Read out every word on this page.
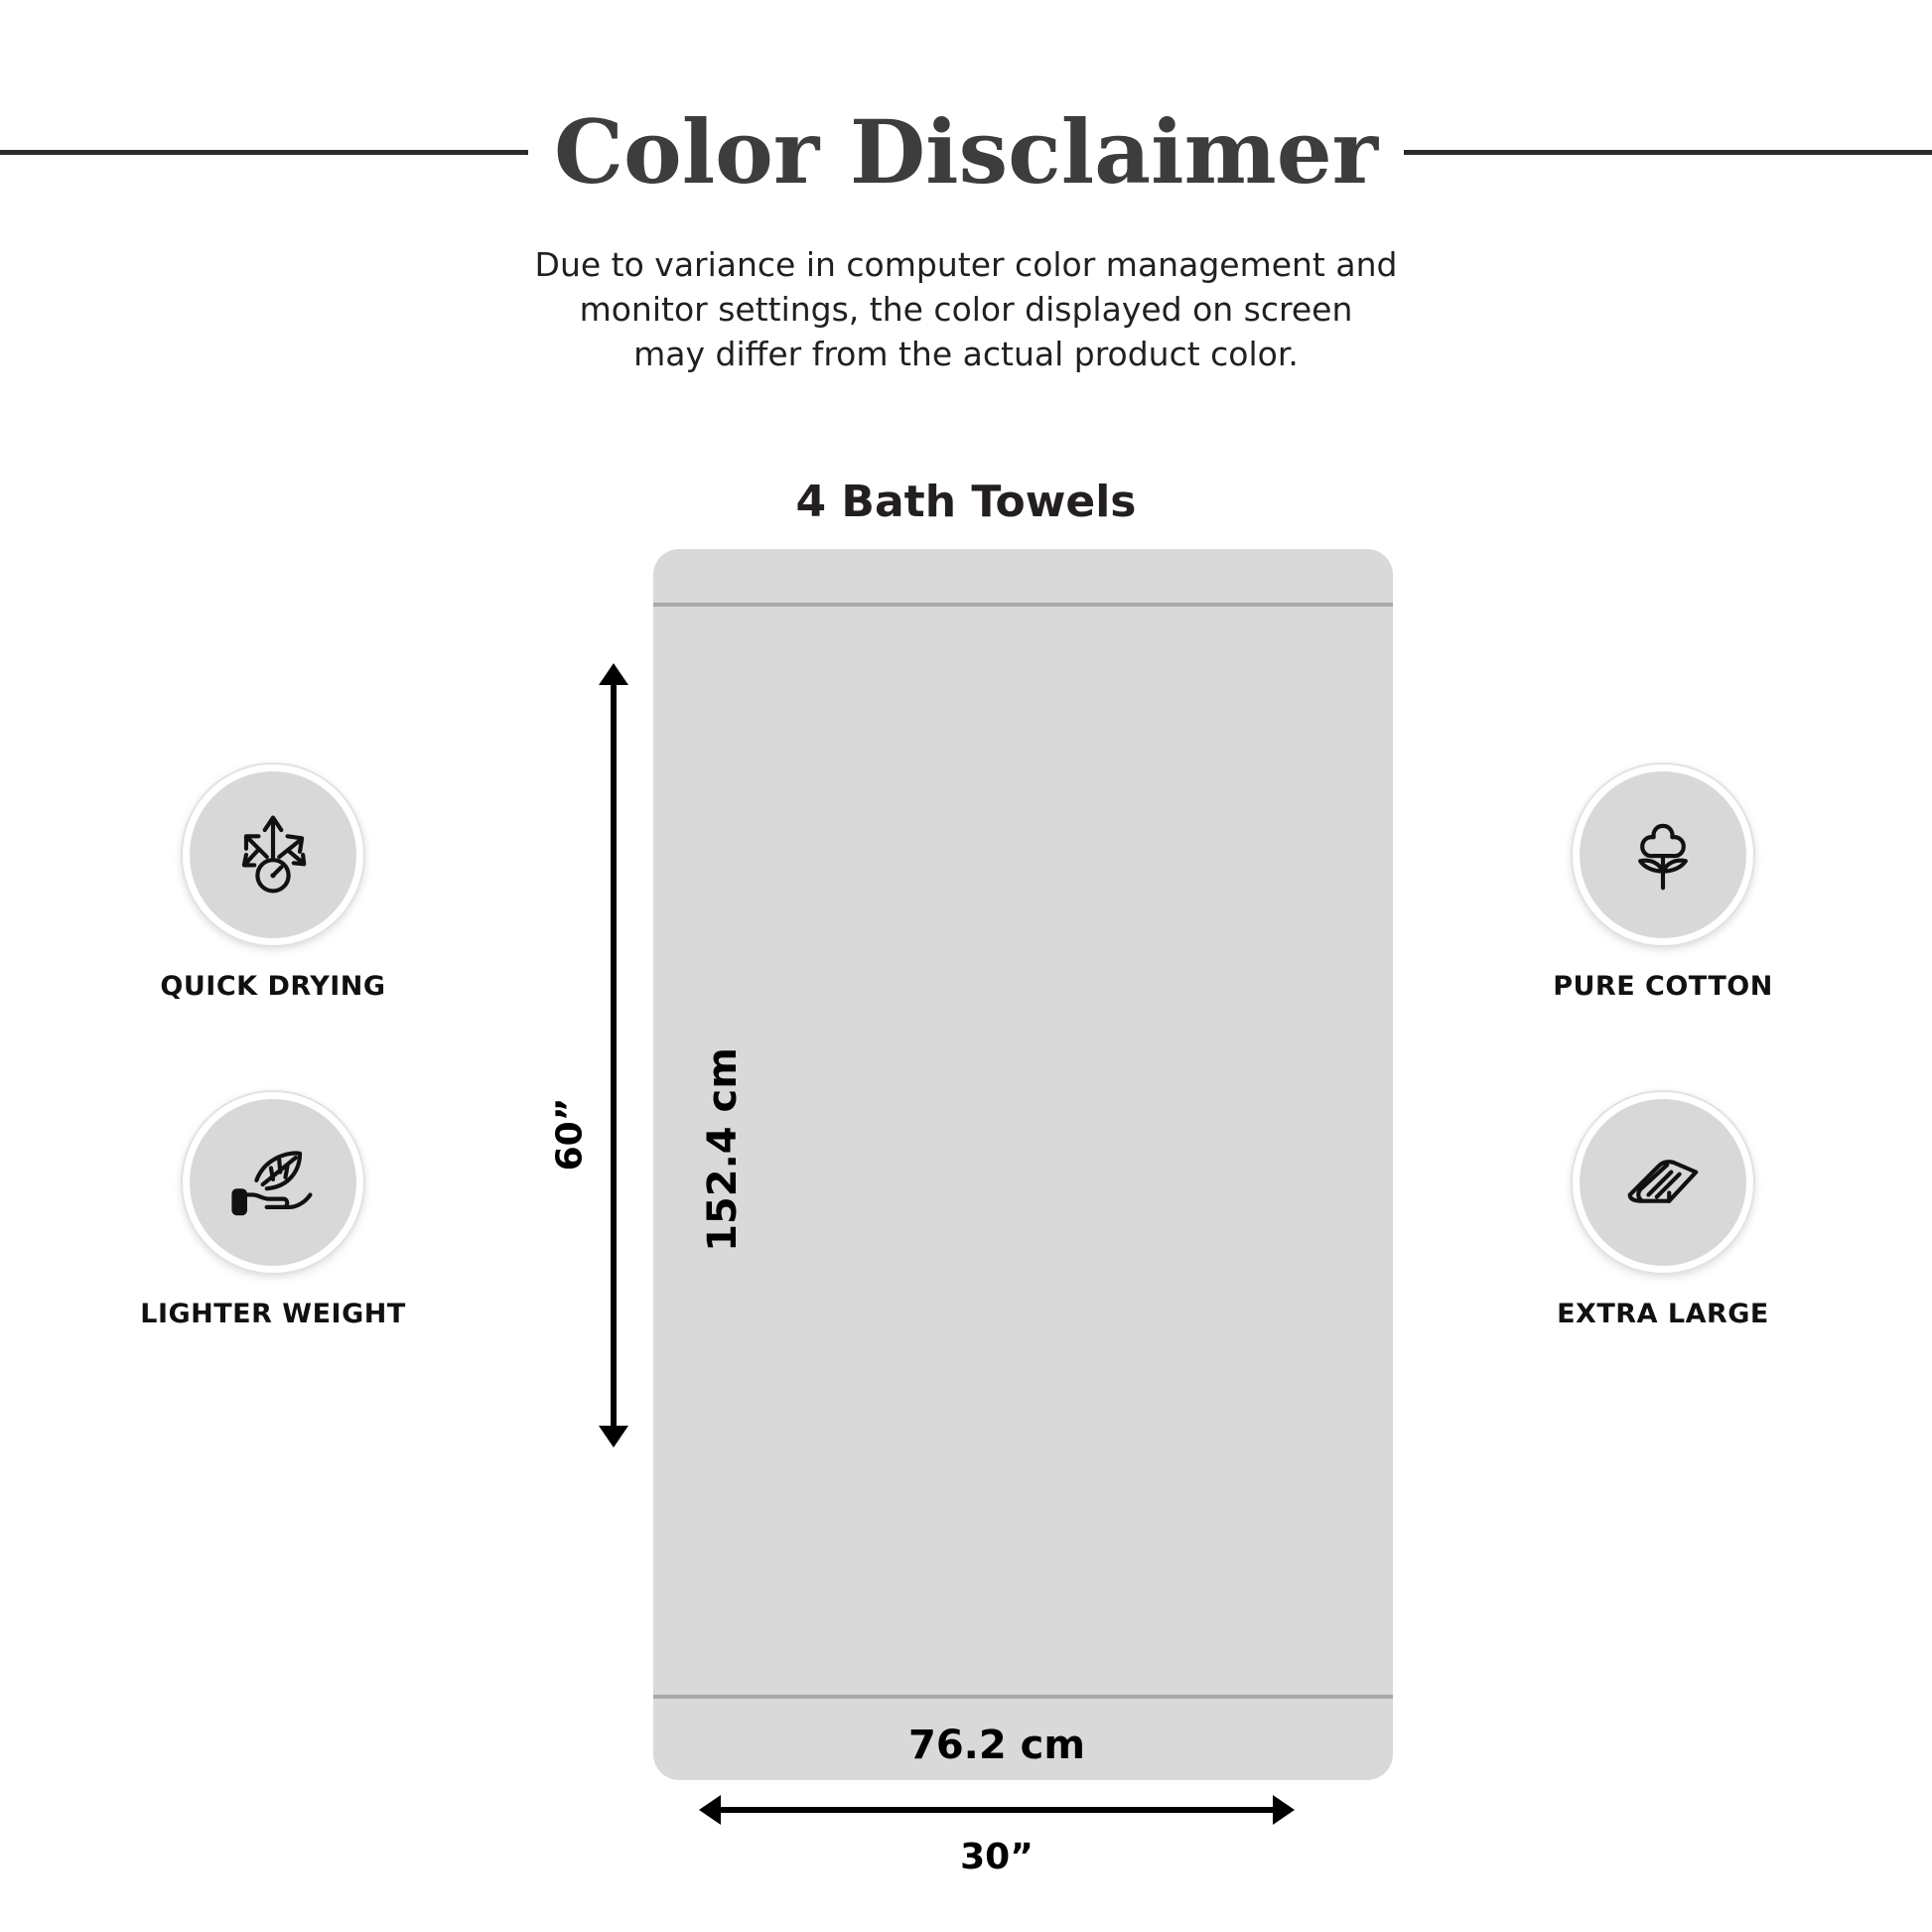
Color Disclaimer
Due to variance in computer color management and
monitor settings, the color displayed on screen
may differ from the actual product color.
4 Bath Towels
60”	152.4 cm
76.2 cm
30”
QUICK DRYING
LIGHTER WEIGHT
PURE COTTON
EXTRA LARGE
